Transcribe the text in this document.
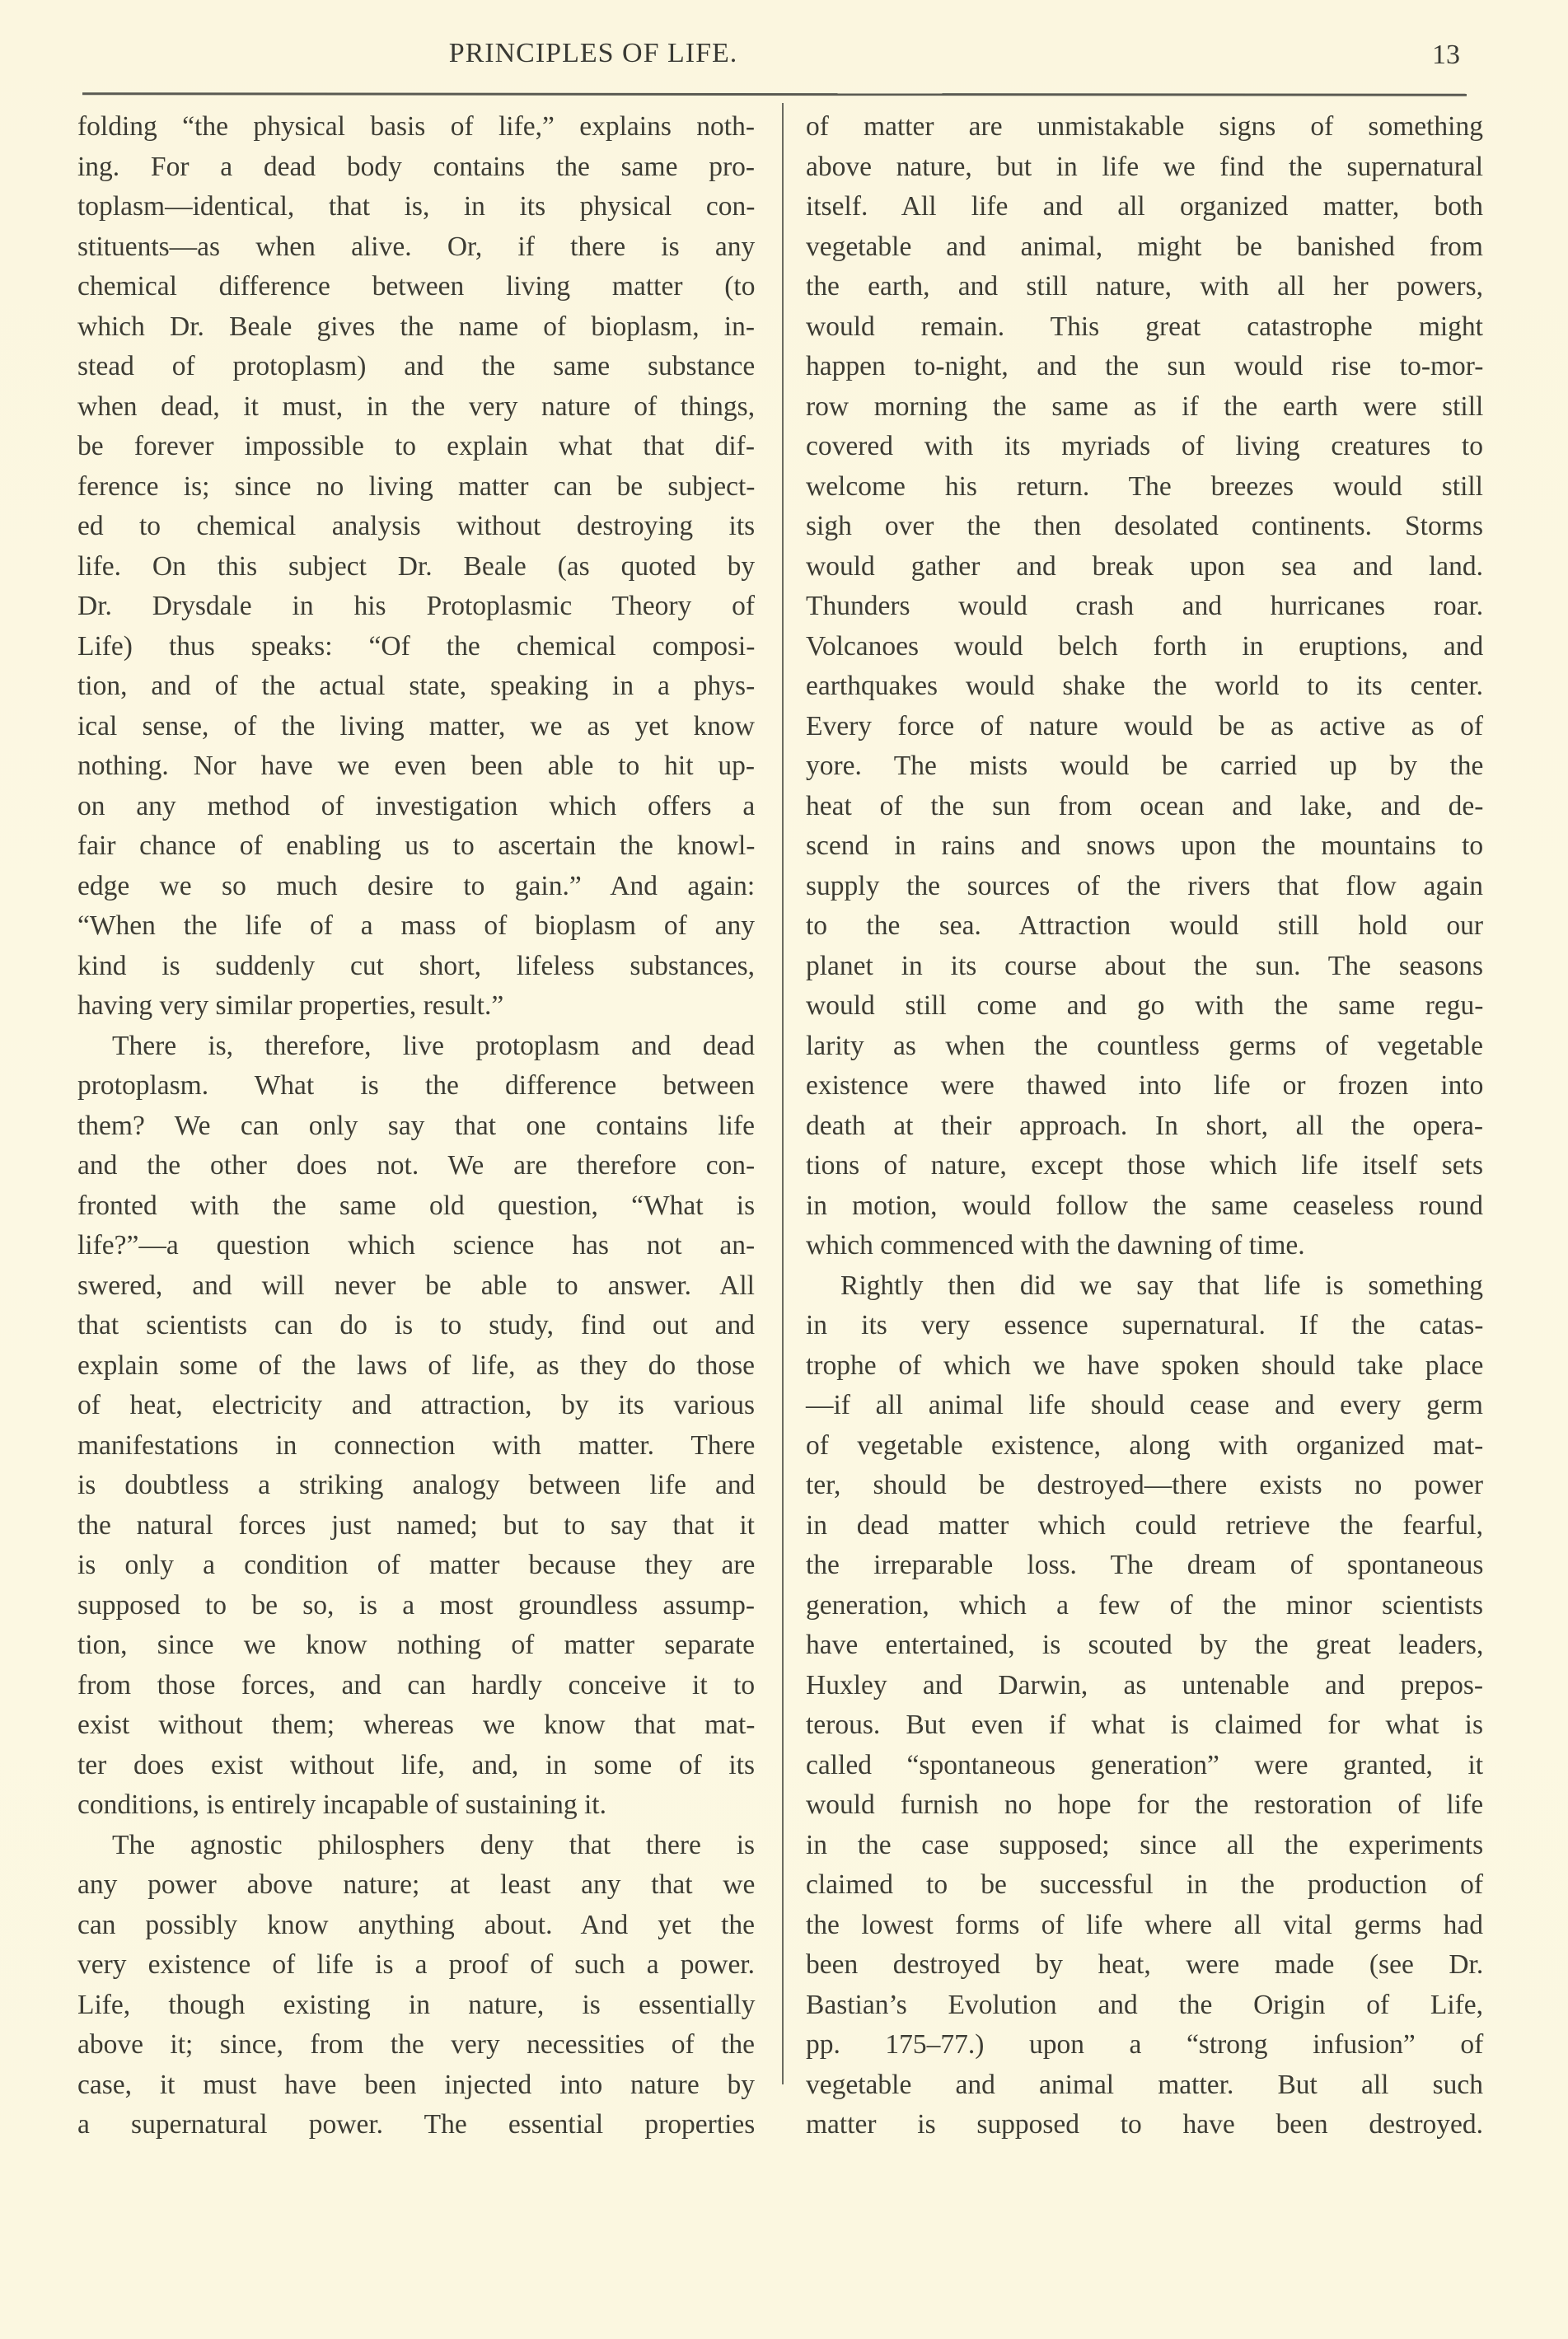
PRINCIPLES OF LIFE.	13
folding “the physical basis of life,” explains noth-
ing. For a dead body contains the same pro-
toplasm—identical, that is, in its physical con-
stituents—as when alive. Or, if there is any
chemical difference between living matter (to
which Dr. Beale gives the name of bioplasm, in-
stead of protoplasm) and the same substance
when dead, it must, in the very nature of things,
be forever impossible to explain what that dif-
ference is; since no living matter can be subject-
ed to chemical analysis without destroying its
life. On this subject Dr. Beale (as quoted by
Dr. Drysdale in his Protoplasmic Theory of
Life) thus speaks: “Of the chemical composi-
tion, and of the actual state, speaking in a phys-
ical sense, of the living matter, we as yet know
nothing. Nor have we even been able to hit up-
on any method of investigation which offers a
fair chance of enabling us to ascertain the knowl-
edge we so much desire to gain.” And again:
“When the life of a mass of bioplasm of any
kind is suddenly cut short, lifeless substances,
having very similar properties, result.”
There is, therefore, live protoplasm and dead
protoplasm. What is the difference between
them? We can only say that one contains life
and the other does not. We are therefore con-
fronted with the same old question, “What is
life?”—a question which science has not an-
swered, and will never be able to answer. All
that scientists can do is to study, find out and
explain some of the laws of life, as they do those
of heat, electricity and attraction, by its various
manifestations in connection with matter. There
is doubtless a striking analogy between life and
the natural forces just named; but to say that it
is only a condition of matter because they are
supposed to be so, is a most groundless assump-
tion, since we know nothing of matter separate
from those forces, and can hardly conceive it to
exist without them; whereas we know that mat-
ter does exist without life, and, in some of its
conditions, is entirely incapable of sustaining it.
The agnostic philosphers deny that there is
any power above nature; at least any that we
can possibly know anything about. And yet the
very existence of life is a proof of such a power.
Life, though existing in nature, is essentially
above it; since, from the very necessities of the
case, it must have been injected into nature by
a supernatural power. The essential properties
of matter are unmistakable signs of something
above nature, but in life we find the supernatural
itself. All life and all organized matter, both
vegetable and animal, might be banished from
the earth, and still nature, with all her powers,
would remain. This great catastrophe might
happen to-night, and the sun would rise to-mor-
row morning the same as if the earth were still
covered with its myriads of living creatures to
welcome his return. The breezes would still
sigh over the then desolated continents. Storms
would gather and break upon sea and land.
Thunders would crash and hurricanes roar.
Volcanoes would belch forth in eruptions, and
earthquakes would shake the world to its center.
Every force of nature would be as active as of
yore. The mists would be carried up by the
heat of the sun from ocean and lake, and de-
scend in rains and snows upon the mountains to
supply the sources of the rivers that flow again
to the sea. Attraction would still hold our
planet in its course about the sun. The seasons
would still come and go with the same regu-
larity as when the countless germs of vegetable
existence were thawed into life or frozen into
death at their approach. In short, all the opera-
tions of nature, except those which life itself sets
in motion, would follow the same ceaseless round
which commenced with the dawning of time.
Rightly then did we say that life is something
in its very essence supernatural. If the catas-
trophe of which we have spoken should take place
—if all animal life should cease and every germ
of vegetable existence, along with organized mat-
ter, should be destroyed—there exists no power
in dead matter which could retrieve the fearful,
the irreparable loss. The dream of spontaneous
generation, which a few of the minor scientists
have entertained, is scouted by the great leaders,
Huxley and Darwin, as untenable and prepos-
terous. But even if what is claimed for what is
called “spontaneous generation” were granted, it
would furnish no hope for the restoration of life
in the case supposed; since all the experiments
claimed to be successful in the production of
the lowest forms of life where all vital germs had
been destroyed by heat, were made (see Dr.
Bastian’s Evolution and the Origin of Life,
pp. 175–77.) upon a “strong infusion” of
vegetable and animal matter. But all such
matter is supposed to have been destroyed.
